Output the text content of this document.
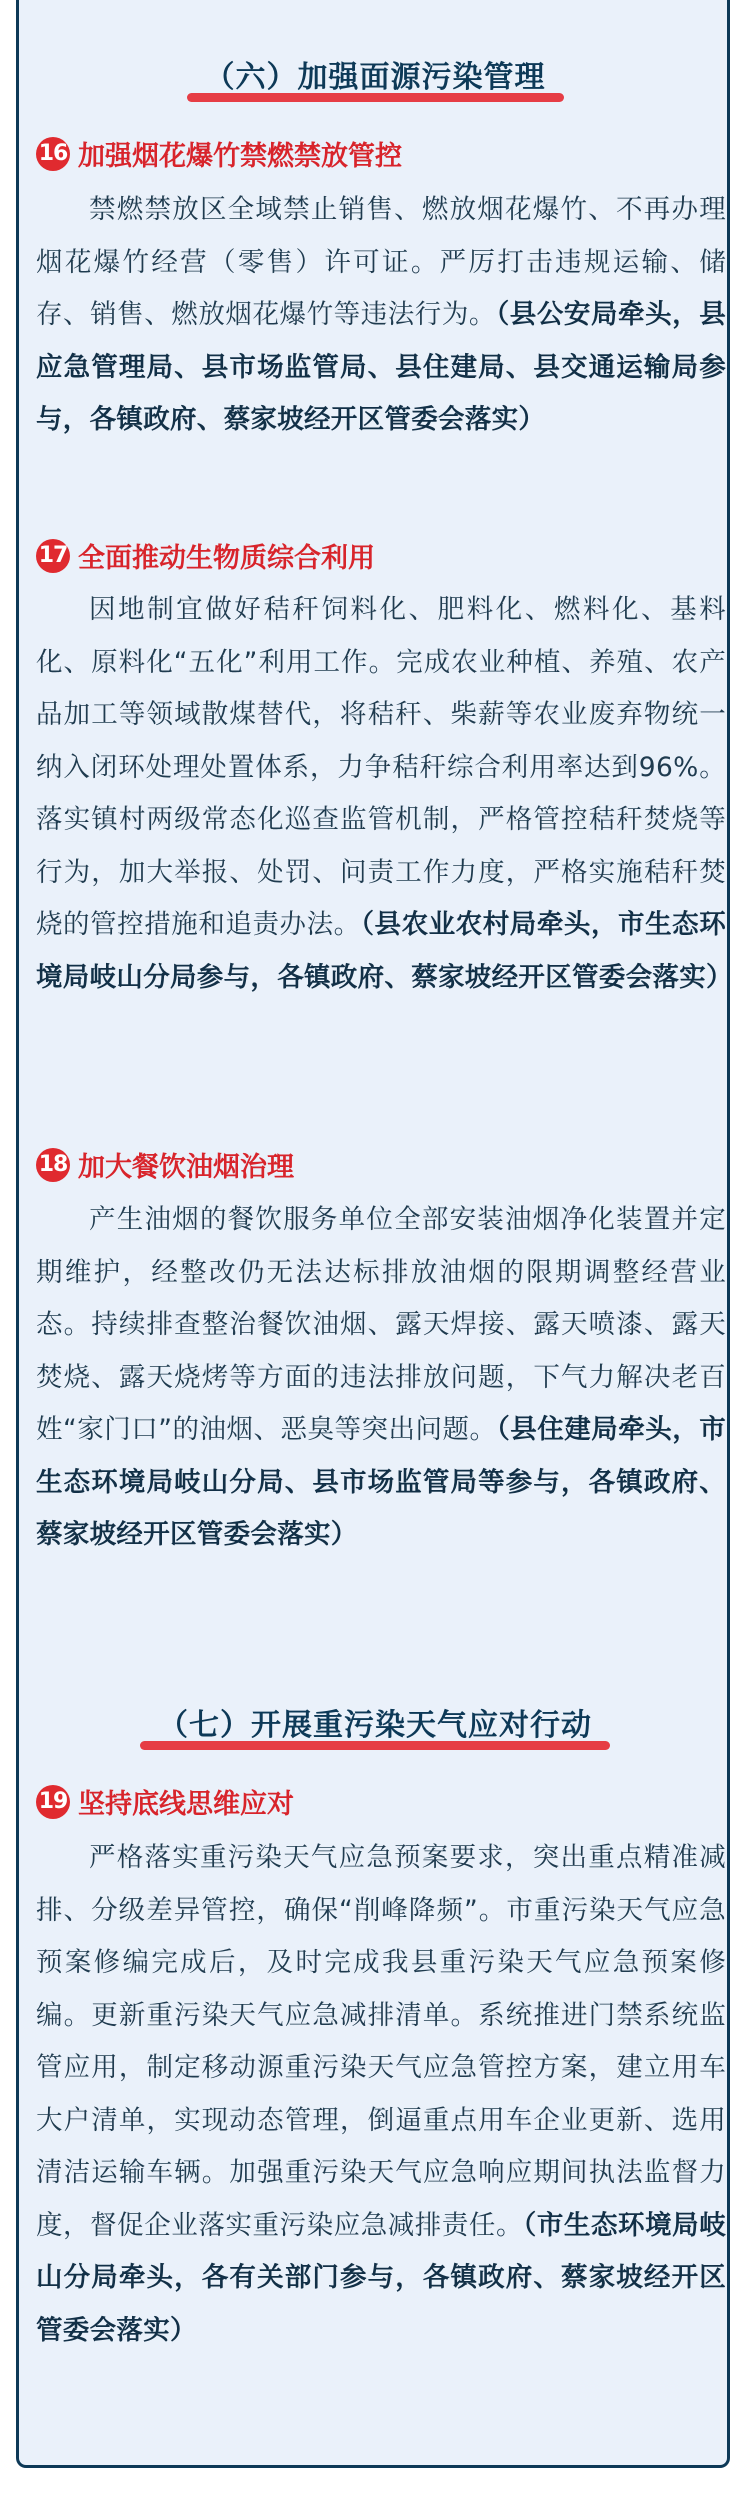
（六）加强面源污染管理
16 加强烟花爆竹禁燃禁放管控
禁燃禁放区全域禁止销售、燃放烟花爆竹、不再办理烟花爆竹经营（零售）许可证。严厉打击违规运输、储存、销售、燃放烟花爆竹等违法行为。（县公安局牵头，县应急管理局、县市场监管局、县住建局、县交通运输局参与，各镇政府、蔡家坡经开区管委会落实）
17 全面推动生物质综合利用
因地制宜做好秸秆饲料化、肥料化、燃料化、基料化、原料化“五化”利用工作。完成农业种植、养殖、农产品加工等领域散煤替代，将秸秆、柴薪等农业废弃物统一纳入闭环处理处置体系，力争秸秆综合利用率达到96%。落实镇村两级常态化巡查监管机制，严格管控秸秆焚烧等行为，加大举报、处罚、问责工作力度，严格实施秸秆焚烧的管控措施和追责办法。（县农业农村局牵头，市生态环境局岐山分局参与，各镇政府、蔡家坡经开区管委会落实）
18 加大餐饮油烟治理
产生油烟的餐饮服务单位全部安装油烟净化装置并定期维护，经整改仍无法达标排放油烟的限期调整经营业态。持续排查整治餐饮油烟、露天焊接、露天喷漆、露天焚烧、露天烧烤等方面的违法排放问题，下气力解决老百姓“家门口”的油烟、恶臭等突出问题。（县住建局牵头，市生态环境局岐山分局、县市场监管局等参与，各镇政府、蔡家坡经开区管委会落实）
（七）开展重污染天气应对行动
19 坚持底线思维应对
严格落实重污染天气应急预案要求，突出重点精准减排、分级差异管控，确保“削峰降频”。市重污染天气应急预案修编完成后，及时完成我县重污染天气应急预案修编。更新重污染天气应急减排清单。系统推进门禁系统监管应用，制定移动源重污染天气应急管控方案，建立用车大户清单，实现动态管理，倒逼重点用车企业更新、选用清洁运输车辆。加强重污染天气应急响应期间执法监督力度，督促企业落实重污染应急减排责任。（市生态环境局岐山分局牵头，各有关部门参与，各镇政府、蔡家坡经开区管委会落实）
